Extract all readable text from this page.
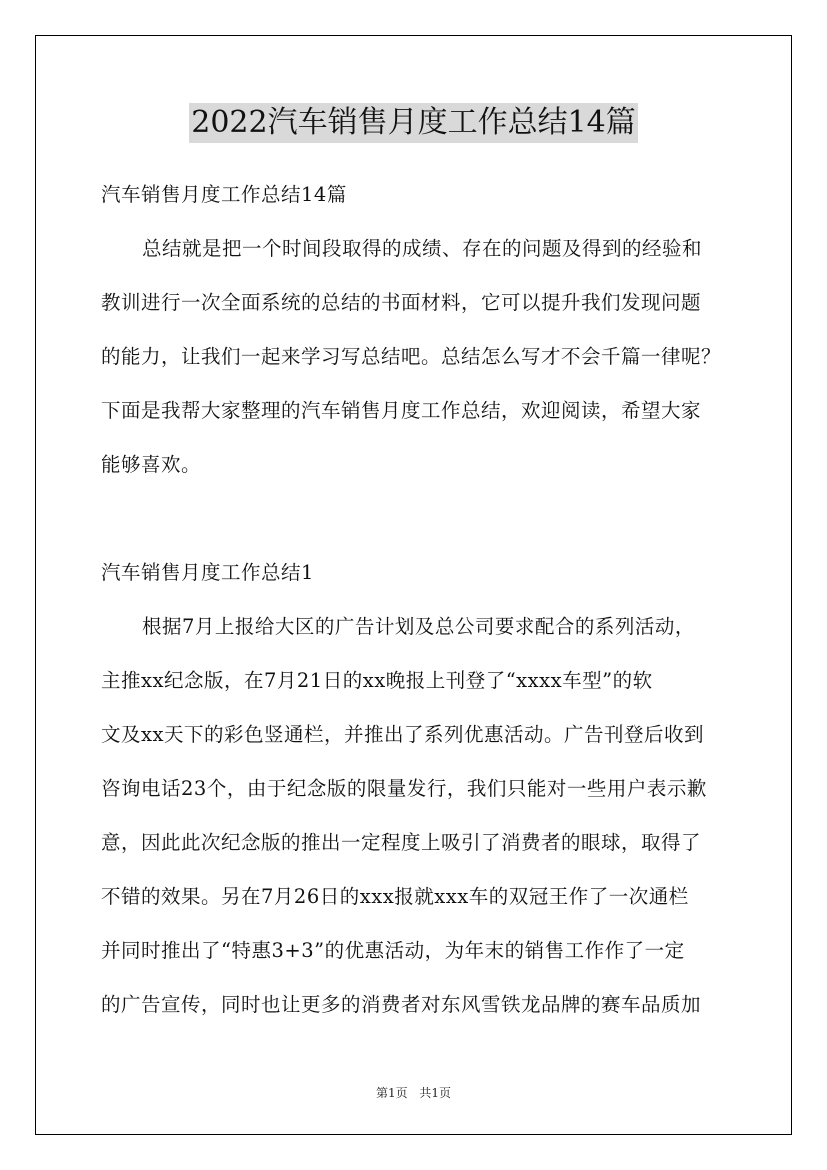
2022汽车销售月度工作总结14篇
汽车销售月度工作总结14篇
总结就是把一个时间段取得的成绩、存在的问题及得到的经验和
教训进行一次全面系统的总结的书面材料，它可以提升我们发现问题
的能力，让我们一起来学习写总结吧。总结怎么写才不会千篇一律呢？
下面是我帮大家整理的汽车销售月度工作总结，欢迎阅读，希望大家
能够喜欢。
汽车销售月度工作总结1
根据7月上报给大区的广告计划及总公司要求配合的系列活动，
主推xx纪念版，在7月21日的xx晚报上刊登了“xxxx车型”的软
文及xx天下的彩色竖通栏，并推出了系列优惠活动。广告刊登后收到
咨询电话23个，由于纪念版的限量发行，我们只能对一些用户表示歉
意，因此此次纪念版的推出一定程度上吸引了消费者的眼球，取得了
不错的效果。另在7月26日的xxx报就xxx车的双冠王作了一次通栏
并同时推出了“特惠3+3”的优惠活动，为年末的销售工作作了一定
的广告宣传，同时也让更多的消费者对东风雪铁龙品牌的赛车品质加
第1页 共1页
